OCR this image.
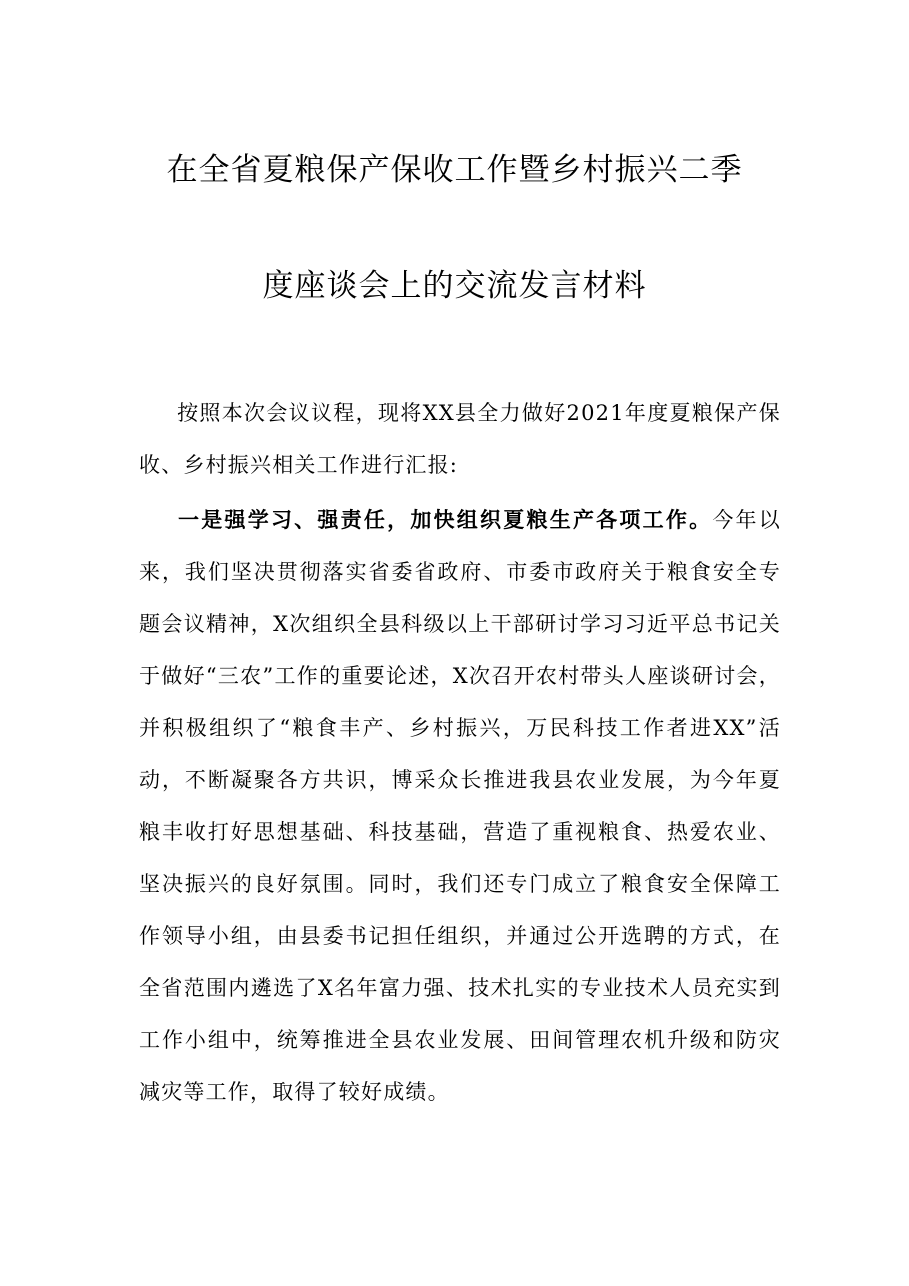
在全省夏粮保产保收工作暨乡村振兴二季
度座谈会上的交流发言材料
按照本次会议议程，现将XX县全力做好2021年度夏粮保产保收、乡村振兴相关工作进行汇报:
一是强学习、强责任，加快组织夏粮生产各项工作。今年以来，我们坚决贯彻落实省委省政府、市委市政府关于粮食安全专题会议精神，X次组织全县科级以上干部研讨学习习近平总书记关于做好“三农”工作的重要论述，X次召开农村带头人座谈研讨会，并积极组织了“粮食丰产、乡村振兴，万民科技工作者进XX”活动，不断凝聚各方共识，博采众长推进我县农业发展，为今年夏粮丰收打好思想基础、科技基础，营造了重视粮食、热爱农业、坚决振兴的良好氛围。同时，我们还专门成立了粮食安全保障工作领导小组，由县委书记担任组织，并通过公开选聘的方式，在全省范围内遴选了X名年富力强、技术扎实的专业技术人员充实到工作小组中，统筹推进全县农业发展、田间管理农机升级和防灾减灾等工作，取得了较好成绩。
